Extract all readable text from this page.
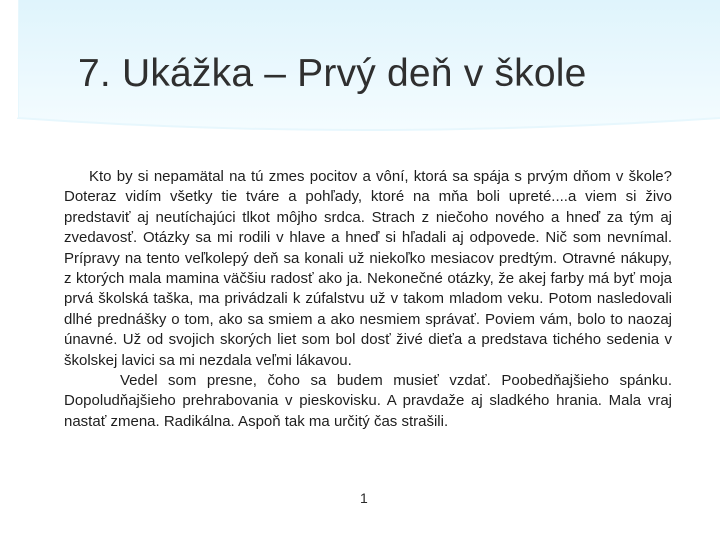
7. Ukážka – Prvý deň v škole

Kto by si nepamätal na tú zmes pocitov a vôní, ktorá sa spája s prvým dňom v škole? Doteraz vidím všetky tie tváre a pohľady, ktoré na mňa boli upreté....a viem si živo predstaviť aj neutíchajúci tlkot môjho srdca. Strach z niečoho nového a hneď za tým aj zvedavosť. Otázky sa mi rodili v hlave a hneď si hľadali aj odpovede. Nič som nevnímal. Prípravy na tento veľkolepý deň sa konali už niekoľko mesiacov predtým. Otravné nákupy, z ktorých mala mamina väčšiu radosť ako ja. Nekonečné otázky, že akej farby má byť moja prvá školská taška, ma privádzali k zúfalstvu už v takom mladom veku. Potom nasledovali dlhé prednášky o tom, ako sa smiem a ako nesmiem správať. Poviem vám, bolo to naozaj únavné. Už od svojich skorých liet som bol dosť živé dieťa a predstava tichého sedenia v školskej lavici sa mi nezdala veľmi lákavou.

Vedel som presne, čoho sa budem musieť vzdať. Poobedňajšieho spánku. Dopoludňajšieho prehrabovania v pieskovisku. A pravdaže aj sladkého hrania. Mala vraj nastať zmena. Radikálna. Aspoň tak ma určitý čas strašili.

1
